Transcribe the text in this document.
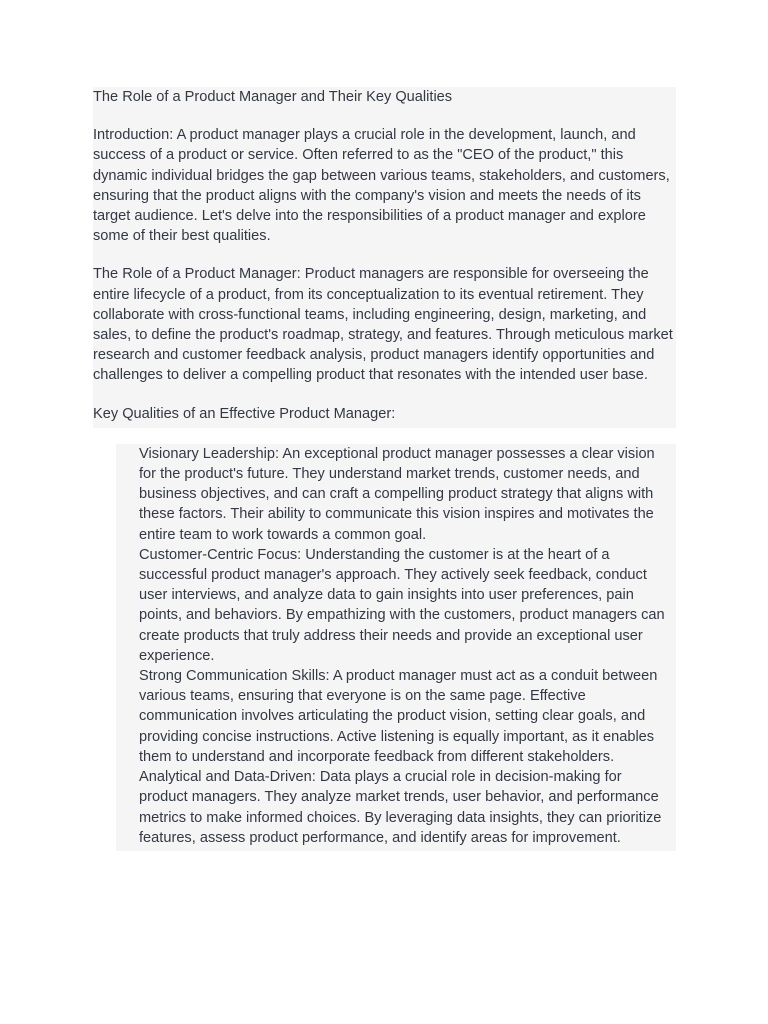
The Role of a Product Manager and Their Key Qualities

Introduction: A product manager plays a crucial role in the development, launch, and success of a product or service. Often referred to as the "CEO of the product," this dynamic individual bridges the gap between various teams, stakeholders, and customers, ensuring that the product aligns with the company's vision and meets the needs of its target audience. Let's delve into the responsibilities of a product manager and explore some of their best qualities.

The Role of a Product Manager: Product managers are responsible for overseeing the entire lifecycle of a product, from its conceptualization to its eventual retirement. They collaborate with cross-functional teams, including engineering, design, marketing, and sales, to define the product's roadmap, strategy, and features. Through meticulous market research and customer feedback analysis, product managers identify opportunities and challenges to deliver a compelling product that resonates with the intended user base.

Key Qualities of an Effective Product Manager:

Visionary Leadership: An exceptional product manager possesses a clear vision for the product's future. They understand market trends, customer needs, and business objectives, and can craft a compelling product strategy that aligns with these factors. Their ability to communicate this vision inspires and motivates the entire team to work towards a common goal.
Customer-Centric Focus: Understanding the customer is at the heart of a successful product manager's approach. They actively seek feedback, conduct user interviews, and analyze data to gain insights into user preferences, pain points, and behaviors. By empathizing with the customers, product managers can create products that truly address their needs and provide an exceptional user experience.
Strong Communication Skills: A product manager must act as a conduit between various teams, ensuring that everyone is on the same page. Effective communication involves articulating the product vision, setting clear goals, and providing concise instructions. Active listening is equally important, as it enables them to understand and incorporate feedback from different stakeholders.
Analytical and Data-Driven: Data plays a crucial role in decision-making for product managers. They analyze market trends, user behavior, and performance metrics to make informed choices. By leveraging data insights, they can prioritize features, assess product performance, and identify areas for improvement.
